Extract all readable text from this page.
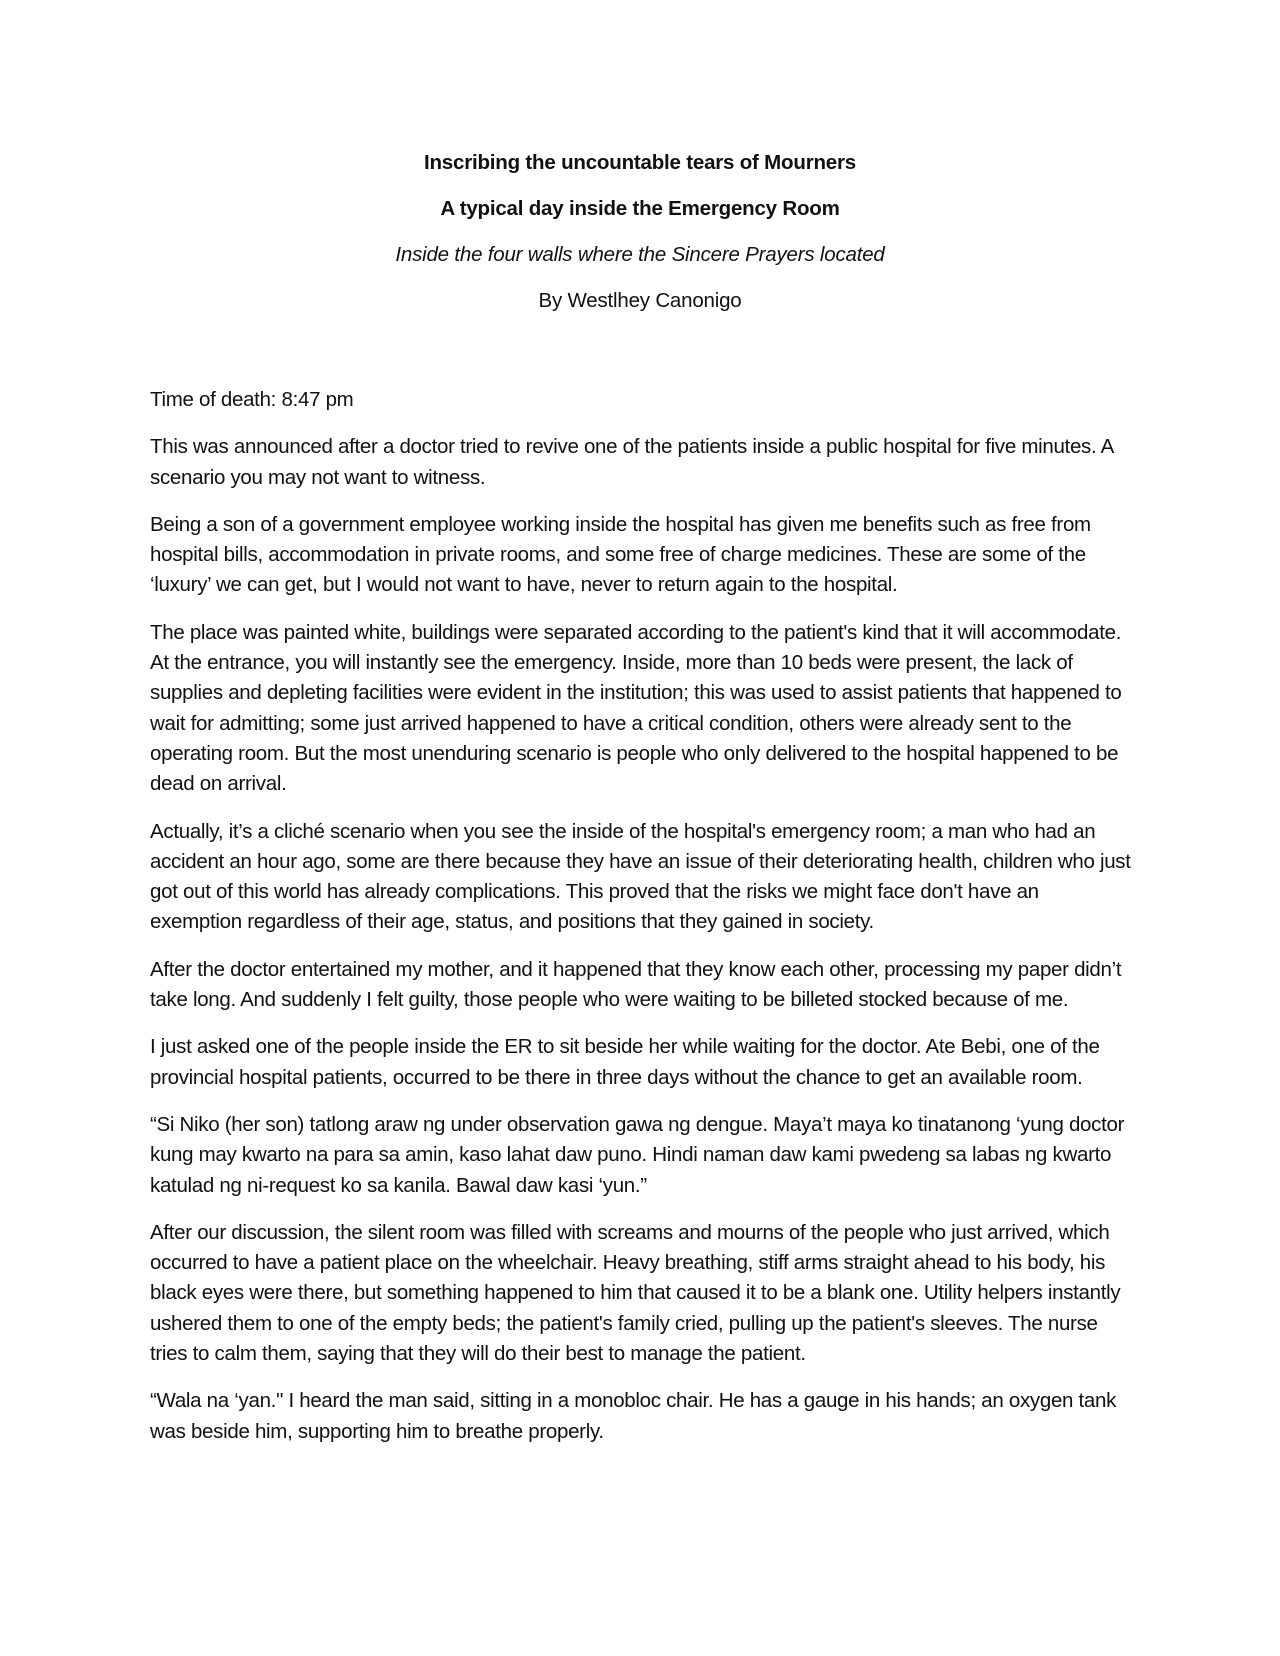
Inscribing the uncountable tears of Mourners

A typical day inside the Emergency Room

Inside the four walls where the Sincere Prayers located

By Westlhey Canonigo

Time of death: 8:47 pm

This was announced after a doctor tried to revive one of the patients inside a public hospital for five minutes. A scenario you may not want to witness.

Being a son of a government employee working inside the hospital has given me benefits such as free from hospital bills, accommodation in private rooms, and some free of charge medicines. These are some of the ‘luxury’ we can get, but I would not want to have, never to return again to the hospital.

The place was painted white, buildings were separated according to the patient's kind that it will accommodate. At the entrance, you will instantly see the emergency. Inside, more than 10 beds were present, the lack of supplies and depleting facilities were evident in the institution; this was used to assist patients that happened to wait for admitting; some just arrived happened to have a critical condition, others were already sent to the operating room. But the most unenduring scenario is people who only delivered to the hospital happened to be dead on arrival.

Actually, it’s a cliché scenario when you see the inside of the hospital's emergency room; a man who had an accident an hour ago, some are there because they have an issue of their deteriorating health, children who just got out of this world has already complications. This proved that the risks we might face don't have an exemption regardless of their age, status, and positions that they gained in society.

After the doctor entertained my mother, and it happened that they know each other, processing my paper didn’t take long. And suddenly I felt guilty, those people who were waiting to be billeted stocked because of me.

I just asked one of the people inside the ER to sit beside her while waiting for the doctor. Ate Bebi, one of the provincial hospital patients, occurred to be there in three days without the chance to get an available room.

“Si Niko (her son) tatlong araw ng under observation gawa ng dengue. Maya’t maya ko tinatanong ‘yung doctor kung may kwarto na para sa amin, kaso lahat daw puno. Hindi naman daw kami pwedeng sa labas ng kwarto katulad ng ni-request ko sa kanila. Bawal daw kasi ‘yun.”

After our discussion, the silent room was filled with screams and mourns of the people who just arrived, which occurred to have a patient place on the wheelchair. Heavy breathing, stiff arms straight ahead to his body, his black eyes were there, but something happened to him that caused it to be a blank one. Utility helpers instantly ushered them to one of the empty beds; the patient's family cried, pulling up the patient's sleeves. The nurse tries to calm them, saying that they will do their best to manage the patient.

“Wala na ‘yan." I heard the man said, sitting in a monobloc chair. He has a gauge in his hands; an oxygen tank was beside him, supporting him to breathe properly.
